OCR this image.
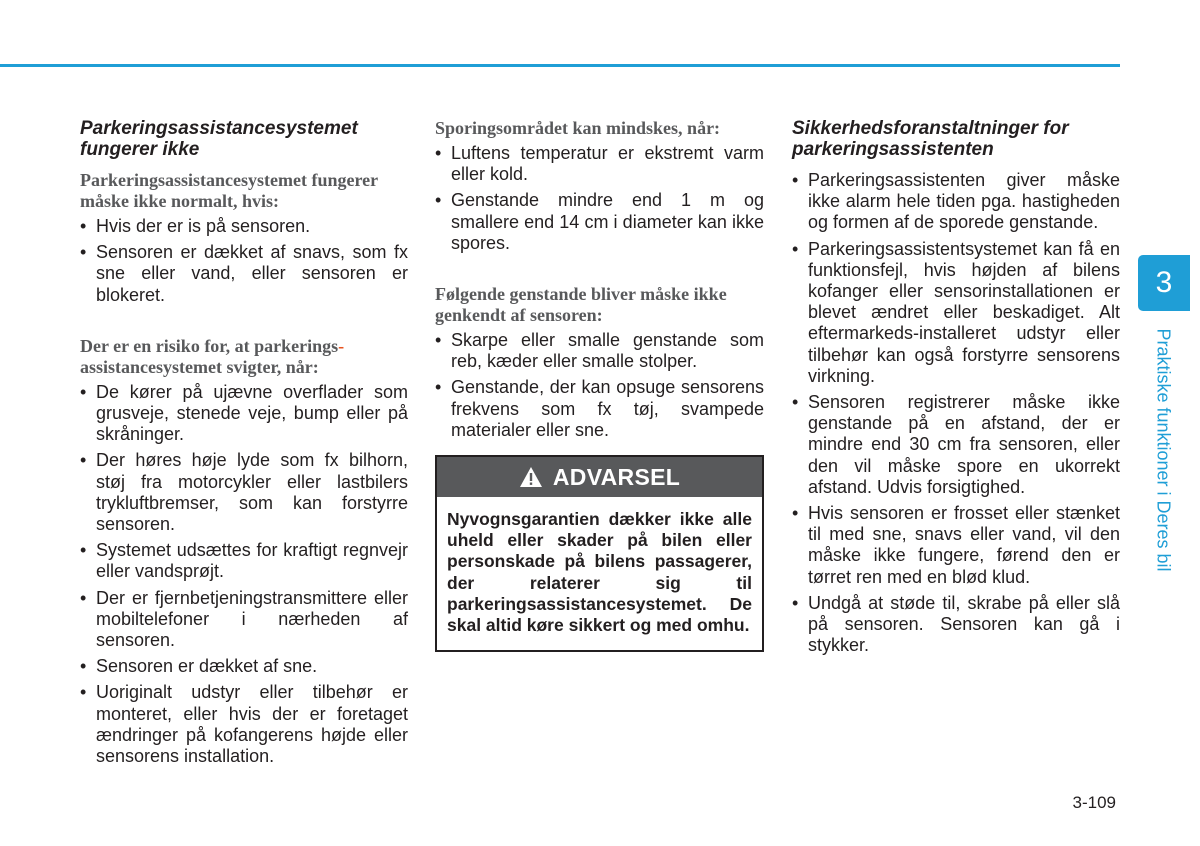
Parkeringsassistancesystemet fungerer ikke
Parkeringsassistancesystemet fungerer måske ikke normalt, hvis:
• Hvis der er is på sensoren.
• Sensoren er dækket af snavs, som fx sne eller vand, eller sensoren er blokeret.
Der er en risiko for, at parkerings-
assistancesystemet svigter, når:
• De kører på ujævne overflader som grusveje, stenede veje, bump eller på skråninger.
• Der høres høje lyde som fx bilhorn, støj fra motorcykler eller lastbilers trykluftbremser, som kan forstyrre sensoren.
• Systemet udsættes for kraftigt regnvejr eller vandsprøjt.
• Der er fjernbetjeningstransmittere eller mobiltelefoner i nærheden af sensoren.
• Sensoren er dækket af sne.
• Uoriginalt udstyr eller tilbehør er monteret, eller hvis der er foretaget ændringer på kofangerens højde eller sensorens installation.
Sporingsområdet kan mindskes, når:
• Luftens temperatur er ekstremt varm eller kold.
• Genstande mindre end 1 m og smallere end 14 cm i diameter kan ikke spores.
Følgende genstande bliver måske ikke genkendt af sensoren:
• Skarpe eller smalle genstande som reb, kæder eller smalle stolper.
• Genstande, der kan opsuge sensorens frekvens som fx tøj, svampede materialer eller sne.
ADVARSEL
Nyvognsgarantien dækker ikke alle uheld eller skader på bilen eller personskade på bilens passagerer, der relaterer sig til parkeringsassistancesystemet. De skal altid køre sikkert og med omhu.
Sikkerhedsforanstaltninger for parkeringsassistenten
• Parkeringsassistenten giver måske ikke alarm hele tiden pga. hastigheden og formen af de sporede genstande.
• Parkeringsassistentsystemet kan få en funktionsfejl, hvis højden af bilens kofanger eller sensorinstallationen er blevet ændret eller beskadiget. Alt eftermarkeds-installeret udstyr eller tilbehør kan også forstyrre sensorens virkning.
• Sensoren registrerer måske ikke genstande på en afstand, der er mindre end 30 cm fra sensoren, eller den vil måske spore en ukorrekt afstand. Udvis forsigtighed.
• Hvis sensoren er frosset eller stænket til med sne, snavs eller vand, vil den måske ikke fungere, førend den er tørret ren med en blød klud.
• Undgå at støde til, skrabe på eller slå på sensoren. Sensoren kan gå i stykker.
3
Praktiske funktioner i Deres bil
3-109
